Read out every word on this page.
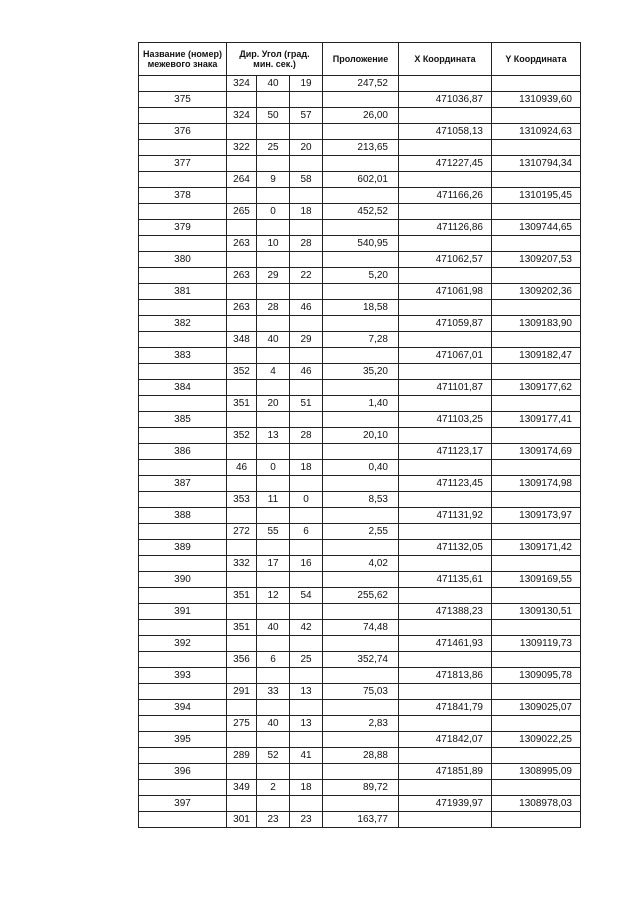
Название (номер) межевого знака	Дир. Угол (град. мин. сек.)			Проложение	X Координата	Y Координата
	324	40	19	247,52		
375					471036,87	1310939,60
	324	50	57	26,00		
376					471058,13	1310924,63
	322	25	20	213,65		
377					471227,45	1310794,34
	264	9	58	602,01		
378					471166,26	1310195,45
	265	0	18	452,52		
379					471126,86	1309744,65
	263	10	28	540,95		
380					471062,57	1309207,53
	263	29	22	5,20		
381					471061,98	1309202,36
	263	28	46	18,58		
382					471059,87	1309183,90
	348	40	29	7,28		
383					471067,01	1309182,47
	352	4	46	35,20		
384					471101,87	1309177,62
	351	20	51	1,40		
385					471103,25	1309177,41
	352	13	28	20,10		
386					471123,17	1309174,69
	46	0	18	0,40		
387					471123,45	1309174,98
	353	11	0	8,53		
388					471131,92	1309173,97
	272	55	6	2,55		
389					471132,05	1309171,42
	332	17	16	4,02		
390					471135,61	1309169,55
	351	12	54	255,62		
391					471388,23	1309130,51
	351	40	42	74,48		
392					471461,93	1309119,73
	356	6	25	352,74		
393					471813,86	1309095,78
	291	33	13	75,03		
394					471841,79	1309025,07
	275	40	13	2,83		
395					471842,07	1309022,25
	289	52	41	28,88		
396					471851,89	1308995,09
	349	2	18	89,72		
397					471939,97	1308978,03
	301	23	23	163,77		
